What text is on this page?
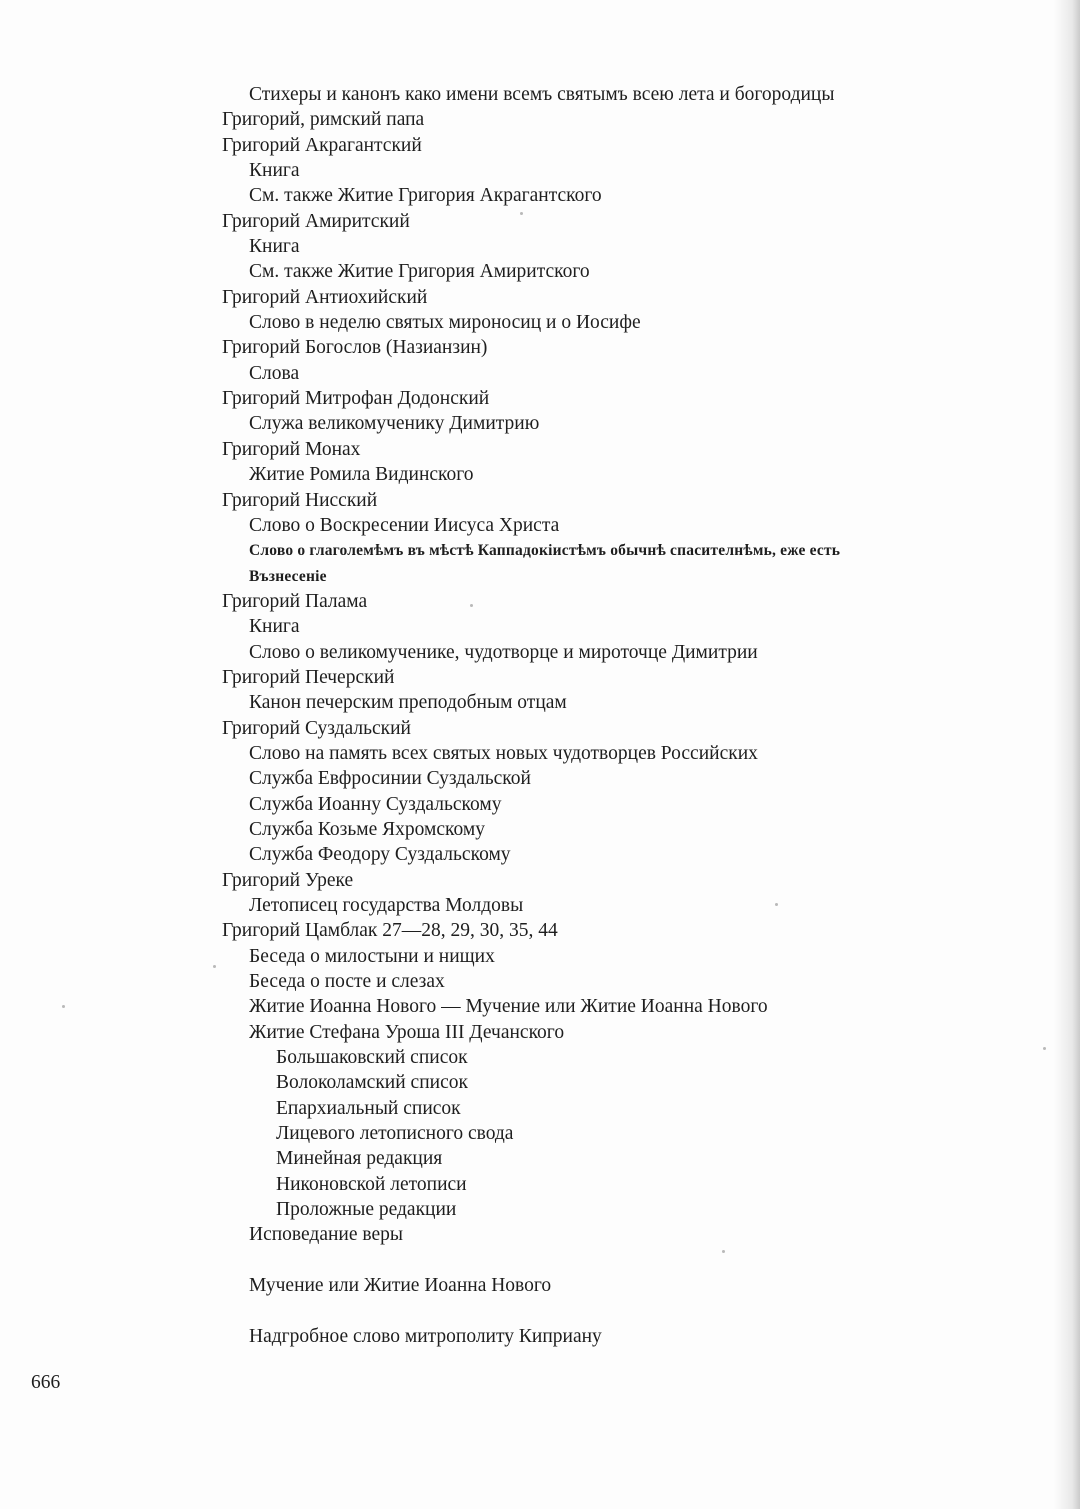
Стихеры и канонъ како имени всемъ святымъ всею лета и богородицы
Григорий, римский папа
Григорий Акрагантский
Книга
См. также Житие Григория Акрагантского
Григорий Амиритский
Книга
См. также Житие Григория Амиритского
Григорий Антиохийский
Слово в неделю святых мироносиц и о Иосифе
Григорий Богослов (Назианзин)
Слова
Григорий Митрофан Додонский
Служа великомученику Димитрию
Григорий Монах
Житие Ромила Видинского
Григорий Нисский
Слово о Воскресении Иисуса Христа
Слово о глаголемѣмъ въ мѣстѣ Каппадокiистѣмъ обычнѣ спасителнѣмь, еже есть
Възнесенiе
Григорий Палама
Книга
Слово о великомученике, чудотворце и мироточце Димитрии
Григорий Печерский
Канон печерским преподобным отцам
Григорий Суздальский
Слово на память всех святых новых чудотворцев Российских
Служба Евфросинии Суздальской
Служба Иоанну Суздальскому
Служба Козьме Яхромскому
Служба Феодору Суздальскому
Григорий Уреке
Летописец государства Молдовы
Григорий Цамблак 27—28, 29, 30, 35, 44
Беседа о милостыни и нищих
Беседа о посте и слезах
Житие Иоанна Нового — Мучение или Житие Иоанна Нового
Житие Стефана Уроша III Дечанского
Большаковский список
Волоколамский список
Епархиальный список
Лицевого летописного свода
Минейная редакция
Никоновской летописи
Проложные редакции
Исповедание веры
Мучение или Житие Иоанна Нового
Надгробное слово митрополиту Киприану
666
